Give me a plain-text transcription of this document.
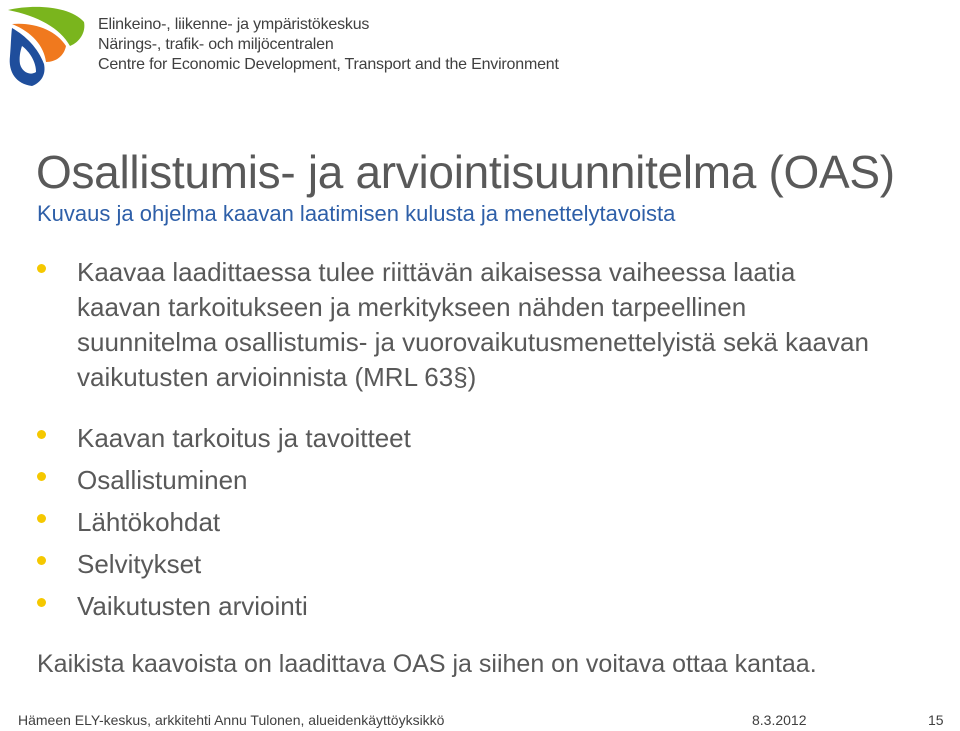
Elinkeino-, liikenne- ja ympäristökeskus
Närings-, trafik- och miljöcentralen
Centre for Economic Development, Transport and the Environment
Osallistumis- ja arviointisuunnitelma (OAS)
Kuvaus ja ohjelma kaavan laatimisen kulusta ja menettelytavoista
Kaavaa laadittaessa tulee riittävän aikaisessa vaiheessa laatia
kaavan tarkoitukseen ja merkitykseen nähden tarpeellinen
suunnitelma osallistumis- ja vuorovaikutusmenettelyistä sekä kaavan
vaikutusten arvioinnista (MRL 63§)
Kaavan tarkoitus ja tavoitteet
Osallistuminen
Lähtökohdat
Selvitykset
Vaikutusten arviointi
Kaikista kaavoista on laadittava OAS ja siihen on voitava ottaa kantaa.
Hämeen ELY-keskus, arkkitehti Annu Tulonen, alueidenkäyttöyksikkö	8.3.2012	15
